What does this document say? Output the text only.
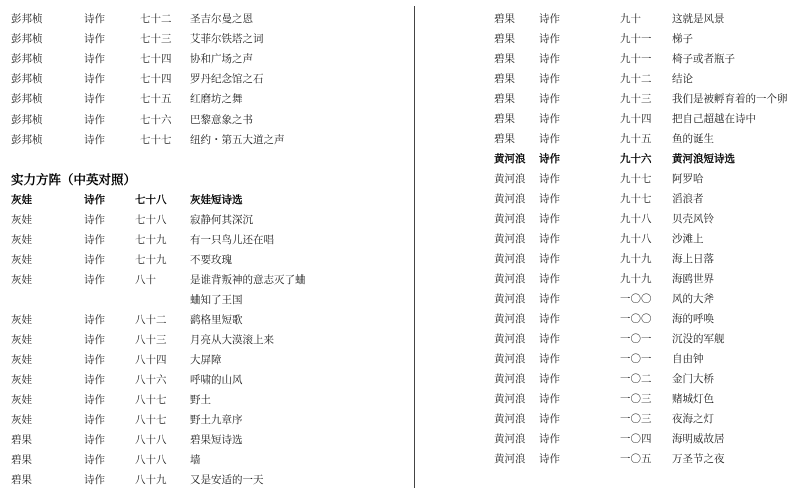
彭邦桢	诗作	七十二 圣吉尔曼之恩
彭邦桢	诗作	七十三 艾菲尔铁塔之词
彭邦桢	诗作	七十四 协和广场之声
彭邦桢	诗作	七十四 罗丹纪念馆之石
彭邦桢	诗作	七十五 红磨坊之舞
彭邦桢	诗作	七十六 巴黎意象之书
彭邦桢	诗作	七十七 纽约・第五大道之声
实力方阵（中英对照）
灰娃	诗作	七十八 灰娃短诗选
灰娃	诗作	七十八 寂静何其深沉
灰娃	诗作	七十九 有一只鸟儿还在唱
灰娃	诗作	七十九 不要玫瑰
灰娃	诗作	八十	是谁背叛神的意志灭了蛐
蛐知了王国
灰娃	诗作	八十二 鹞格里短歌
灰娃	诗作	八十三 月亮从大漠滚上来
灰娃	诗作	八十四 大屏障
灰娃	诗作	八十六 呼啸的山风
灰娃	诗作	八十七 野土
灰娃	诗作	八十七 野土九章序
碧果	诗作	八十八 碧果短诗选
碧果	诗作	八十八 墙
碧果	诗作	八十九 又是安适的一天
碧果 诗作	九十	这就是风景
碧果 诗作	九十一 梯子
碧果 诗作	九十一 椅子或者瓶子
碧果 诗作	九十二 结论
碧果 诗作	九十三 我们是被孵育着的一个卵
碧果 诗作	九十四 把自己超越在诗中
碧果 诗作	九十五 鱼的诞生
黄河浪 诗作	九十六 黄河浪短诗选
黄河浪 诗作	九十七 阿罗哈
黄河浪 诗作	九十七 滔浪者
黄河浪 诗作	九十八 贝壳风铃
黄河浪 诗作	九十八 沙滩上
黄河浪 诗作	九十九 海上日落
黄河浪 诗作	九十九 海鸥世界
黄河浪 诗作	一〇〇 风的大斧
黄河浪 诗作	一〇〇 海的呼唤
黄河浪 诗作	一〇一 沉没的军舰
黄河浪 诗作	一〇一 自由钟
黄河浪 诗作	一〇二 金门大桥
黄河浪 诗作	一〇三 赌城灯色
黄河浪 诗作	一〇三 夜海之灯
黄河浪 诗作	一〇四 海明威故居
黄河浪 诗作	一〇五 万圣节之夜
